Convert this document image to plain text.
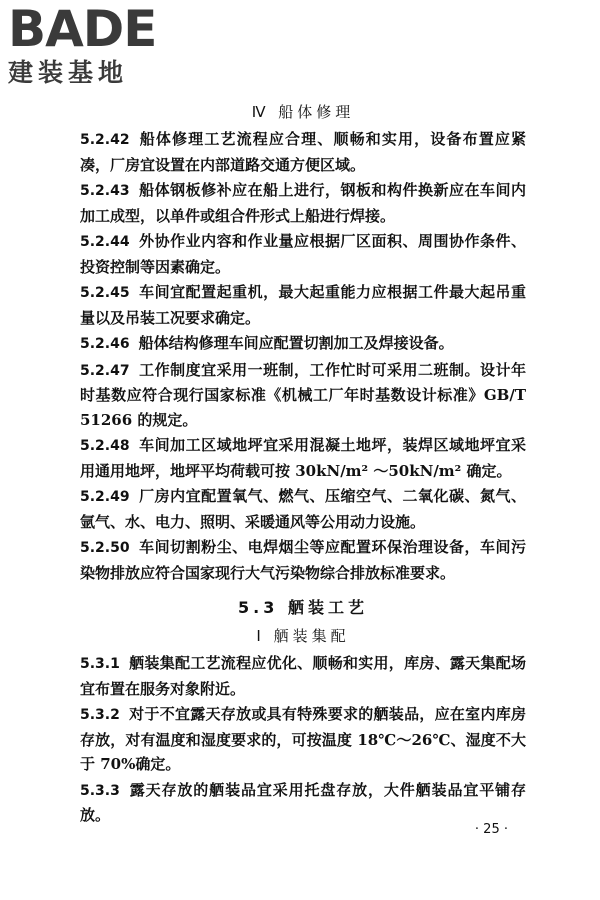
BADE
建装基地
Ⅳ 船体修理

5.2.42 船体修理工艺流程应合理、顺畅和实用，设备布置应紧凑，厂房宜设置在内部道路交通方便区域。

5.2.43 船体钢板修补应在船上进行，钢板和构件换新应在车间内加工成型，以单件或组合件形式上船进行焊接。

5.2.44 外协作业内容和作业量应根据厂区面积、周围协作条件、投资控制等因素确定。

5.2.45 车间宜配置起重机，最大起重能力应根据工件最大起吊重量以及吊装工况要求确定。

5.2.46 船体结构修理车间应配置切割加工及焊接设备。

5.2.47 工作制度宜采用一班制，工作忙时可采用二班制。设计年时基数应符合现行国家标准《机械工厂年时基数设计标准》GB/T 51266 的规定。

5.2.48 车间加工区域地坪宜采用混凝土地坪，装焊区域地坪宜采用通用地坪，地坪平均荷载可按 30kN/m² ～50kN/m² 确定。

5.2.49 厂房内宜配置氧气、燃气、压缩空气、二氧化碳、氮气、氩气、水、电力、照明、采暖通风等公用动力设施。

5.2.50 车间切割粉尘、电焊烟尘等应配置环保治理设备，车间污染物排放应符合国家现行大气污染物综合排放标准要求。

5.3 舾装工艺
Ⅰ 舾装集配

5.3.1 舾装集配工艺流程应优化、顺畅和实用，库房、露天集配场宜布置在服务对象附近。

5.3.2 对于不宜露天存放或具有特殊要求的舾装品，应在室内库房存放，对有温度和湿度要求的，可按温度 18℃～26℃、湿度不大于 70%确定。

5.3.3 露天存放的舾装品宜采用托盘存放，大件舾装品宜平铺存放。

· 25 ·
